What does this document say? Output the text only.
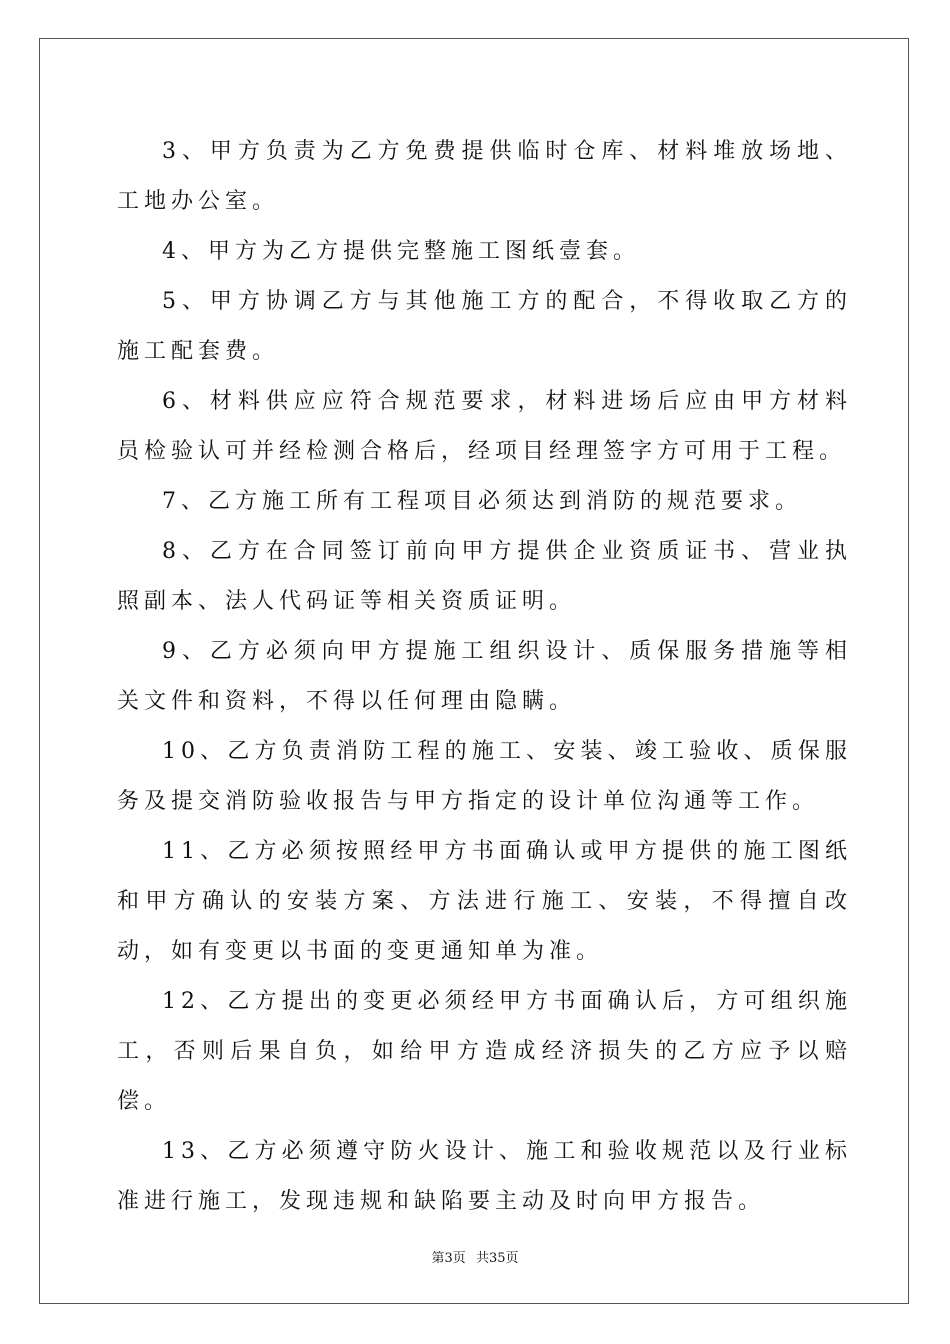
3、甲方负责为乙方免费提供临时仓库、材料堆放场地、工地办公室。

4、甲方为乙方提供完整施工图纸壹套。

5、甲方协调乙方与其他施工方的配合，不得收取乙方的施工配套费。

6、材料供应应符合规范要求，材料进场后应由甲方材料员检验认可并经检测合格后，经项目经理签字方可用于工程。

7、乙方施工所有工程项目必须达到消防的规范要求。

8、乙方在合同签订前向甲方提供企业资质证书、营业执照副本、法人代码证等相关资质证明。

9、乙方必须向甲方提施工组织设计、质保服务措施等相关文件和资料，不得以任何理由隐瞒。

10、乙方负责消防工程的施工、安装、竣工验收、质保服务及提交消防验收报告与甲方指定的设计单位沟通等工作。

11、乙方必须按照经甲方书面确认或甲方提供的施工图纸和甲方确认的安装方案、方法进行施工、安装，不得擅自改动，如有变更以书面的变更通知单为准。

12、乙方提出的变更必须经甲方书面确认后，方可组织施工，否则后果自负，如给甲方造成经济损失的乙方应予以赔偿。

13、乙方必须遵守防火设计、施工和验收规范以及行业标准进行施工，发现违规和缺陷要主动及时向甲方报告。

第3页 共35页
